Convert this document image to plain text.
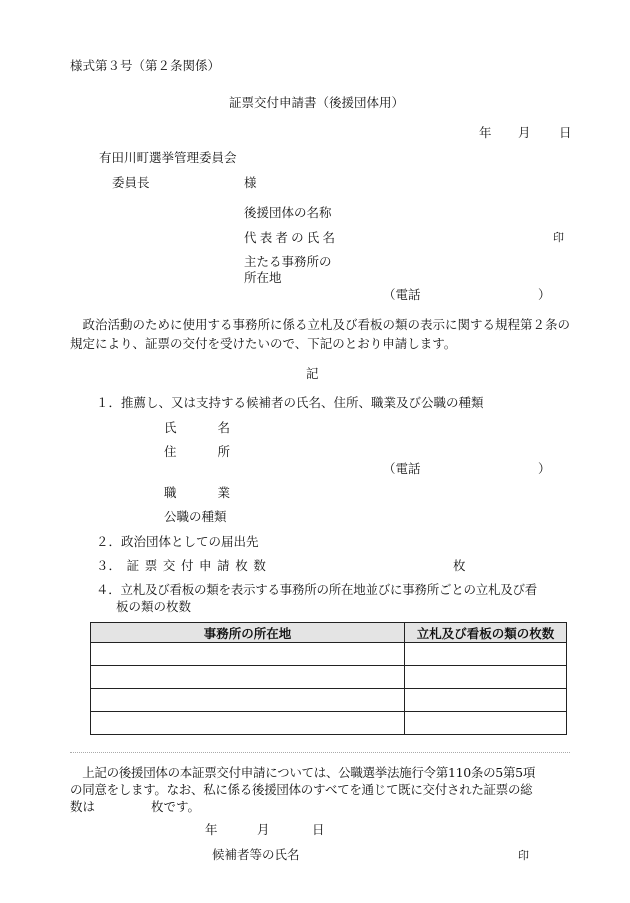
様式第３号（第２条関係）
証票交付申請書（後援団体用）
年 月 日
有田川町選挙管理委員会
委員長	様
後援団体の名称
代 表 者 の 氏 名	印
主たる事務所の
所在地
（電話	）
　政治活動のために使用する事務所に係る立札及び看板の類の表示に関する規程第２条の規定により、証票の交付を受けたいので、下記のとおり申請します。
記
１．推薦し、又は支持する候補者の氏名、住所、職業及び公職の種類
氏	名
住	所
（電話	）
職	業
公職の種類
２．政治団体としての届出先
３． 証 票 交 付 申 請 枚 数	枚
４．立札及び看板の類を表示する事務所の所在地並びに事務所ごとの立札及び看
板の類の枚数
事務所の所在地	立札及び看板の類の枚数

　上記の後援団体の本証票交付申請については、公職選挙法施行令第110条の5第5項
の同意をします。なお、私に係る後援団体のすべてを通じて既に交付された証票の総
数は	枚です。
年	月	日
候補者等の氏名	印
